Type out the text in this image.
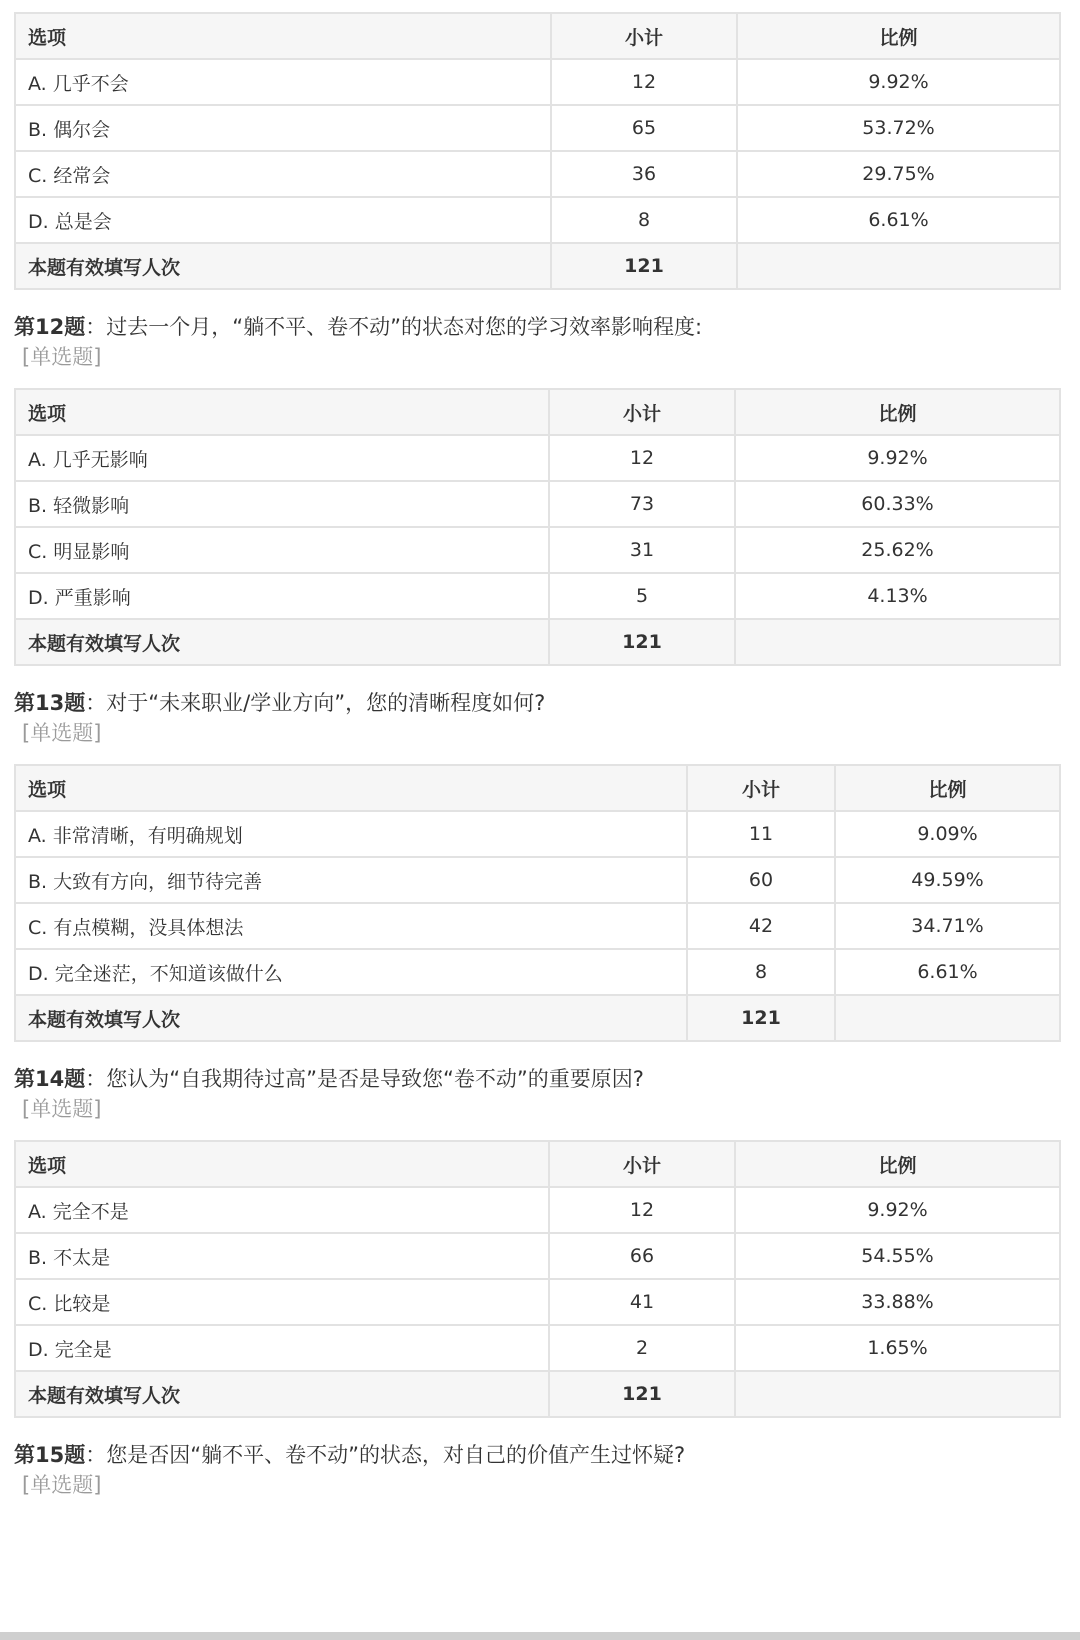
选项	小计	比例
A. 几乎不会	12	9.92%
B. 偶尔会	65	53.72%
C. 经常会	36	29.75%
D. 总是会	8	6.61%
本题有效填写人次	121	
第12题：过去一个月，“躺不平、卷不动”的状态对您的学习效率影响程度:
[单选题]
选项	小计	比例
A. 几乎无影响	12	9.92%
B. 轻微影响	73	60.33%
C. 明显影响	31	25.62%
D. 严重影响	5	4.13%
本题有效填写人次	121	
第13题：对于“未来职业/学业方向”，您的清晰程度如何?
[单选题]
选项	小计	比例
A. 非常清晰，有明确规划	11	9.09%
B. 大致有方向，细节待完善	60	49.59%
C. 有点模糊，没具体想法	42	34.71%
D. 完全迷茫，不知道该做什么	8	6.61%
本题有效填写人次	121	
第14题：您认为“自我期待过高”是否是导致您“卷不动”的重要原因?
[单选题]
选项	小计	比例
A. 完全不是	12	9.92%
B. 不太是	66	54.55%
C. 比较是	41	33.88%
D. 完全是	2	1.65%
本题有效填写人次	121	
第15题：您是否因“躺不平、卷不动”的状态，对自己的价值产生过怀疑?
[单选题]
